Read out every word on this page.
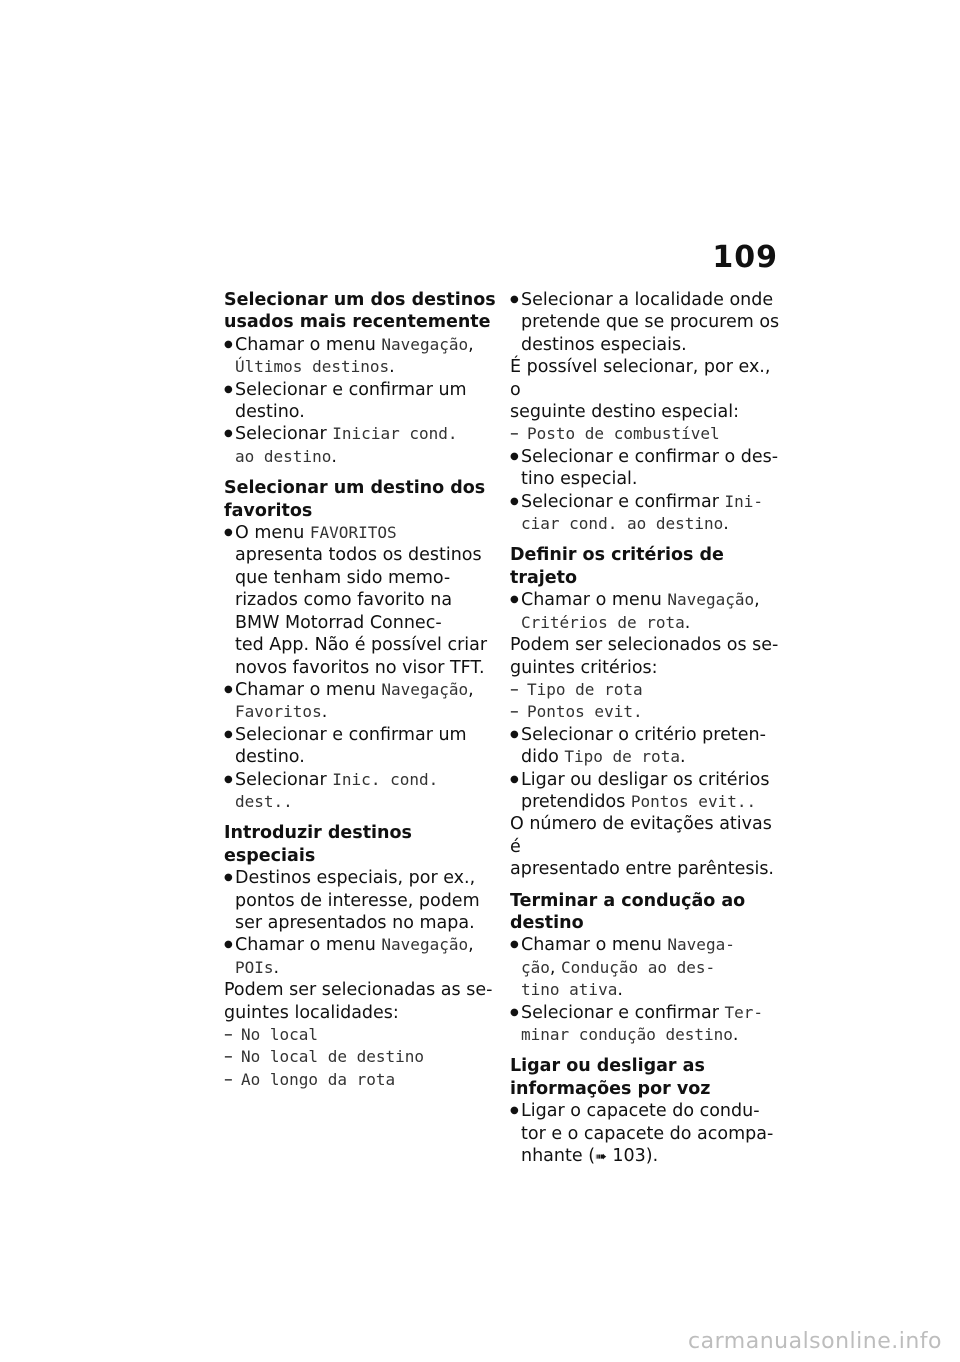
109
Selecionar um dos destinos
usados mais recentemente
● Chamar o menu Navegação,
Últimos destinos.
● Selecionar e confirmar um
destino.
● Selecionar Iniciar cond.
ao destino.
Selecionar um destino dos
favoritos
● O menu FAVORITOS
apresenta todos os destinos
que tenham sido memo-
rizados como favorito na
BMW Motorrad Connec-
ted App. Não é possível criar
novos favoritos no visor TFT.
● Chamar o menu Navegação,
Favoritos.
● Selecionar e confirmar um
destino.
● Selecionar Inic. cond.
dest..
Introduzir destinos especiais
● Destinos especiais, por ex.,
pontos de interesse, podem
ser apresentados no mapa.
● Chamar o menu Navegação,
POIs.
Podem ser selecionadas as se-
guintes localidades:
– No local
– No local de destino
– Ao longo da rota
● Selecionar a localidade onde
pretende que se procurem os
destinos especiais.
É possível selecionar, por ex., o
seguinte destino especial:
– Posto de combustível
● Selecionar e confirmar o des-
tino especial.
● Selecionar e confirmar Ini-
ciar cond. ao destino.
Definir os critérios de trajeto
● Chamar o menu Navegação,
Critérios de rota.
Podem ser selecionados os se-
guintes critérios:
– Tipo de rota
– Pontos evit.
● Selecionar o critério preten-
dido Tipo de rota.
● Ligar ou desligar os critérios
pretendidos Pontos evit..
O número de evitações ativas é
apresentado entre parêntesis.
Terminar a condução ao
destino
● Chamar o menu Navega-
ção, Condução ao des-
tino ativa.
● Selecionar e confirmar Ter-
minar condução destino.
Ligar ou desligar as
informações por voz
● Ligar o capacete do condu-
tor e o capacete do acompa-
nhante (➠ 103).
carmanualsonline.info
